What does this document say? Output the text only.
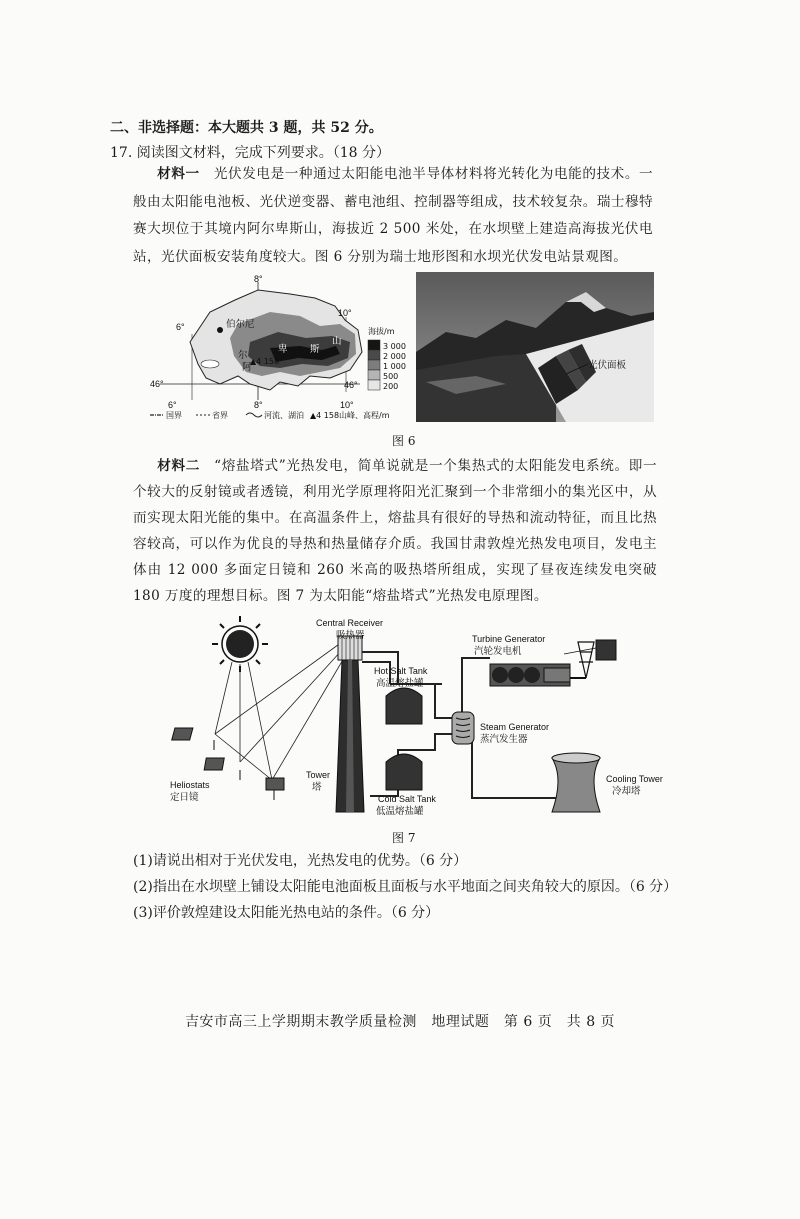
二、非选择题：本大题共 3 题，共 52 分。
17. 阅读图文材料，完成下列要求。（18 分）
材料一 光伏发电是一种通过太阳能电池半导体材料将光转化为电能的技术。一般由太阳能电池板、光伏逆变器、蓄电池组、控制器等组成，技术较复杂。瑞士穆特赛大坝位于其境内阿尔卑斯山，海拔近 2 500 米处，在水坝壁上建造高海拔光伏电站，光伏面板安装角度较大。图 6 分别为瑞士地形图和水坝光伏发电站景观图。
伯尔尼
阿
尔
卑 斯
山
▲4 158
8°
6°
10°
46°	46°
6°	8°	10°
海拔/m
3 000
2 000
1 000
500
200
国界	省界	河流、湖泊 ▲4 158山峰、高程/m
光伏面板
图 6
材料二 “熔盐塔式”光热发电，简单说就是一个集热式的太阳能发电系统。即一个较大的反射镜或者透镜，利用光学原理将阳光汇聚到一个非常细小的集光区中，从而实现太阳光能的集中。在高温条件上，熔盐具有很好的导热和流动特征，而且比热容较高，可以作为优良的导热和热量储存介质。我国甘肃敦煌光热发电项目，发电主体由 12 000 多面定日镜和 260 米高的吸热塔所组成，实现了昼夜连续发电突破 180 万度的理想目标。图 7 为太阳能“熔盐塔式”光热发电原理图。
Central Receiver
吸热器
Hot Salt Tank
高温熔盐罐
Turbine Generator
汽轮发电机
Steam Generator
蒸汽发生器
Tower
塔
Cold Salt Tank
低温熔盐罐
Cooling Tower
冷却塔
Heliostats
定日镜
图 7
(1)请说出相对于光伏发电，光热发电的优势。（6 分）
(2)指出在水坝壁上铺设太阳能电池面板且面板与水平地面之间夹角较大的原因。（6 分）
(3)评价敦煌建设太阳能光热电站的条件。（6 分）
吉安市高三上学期期末教学质量检测　地理试题　第 6 页　共 8 页
